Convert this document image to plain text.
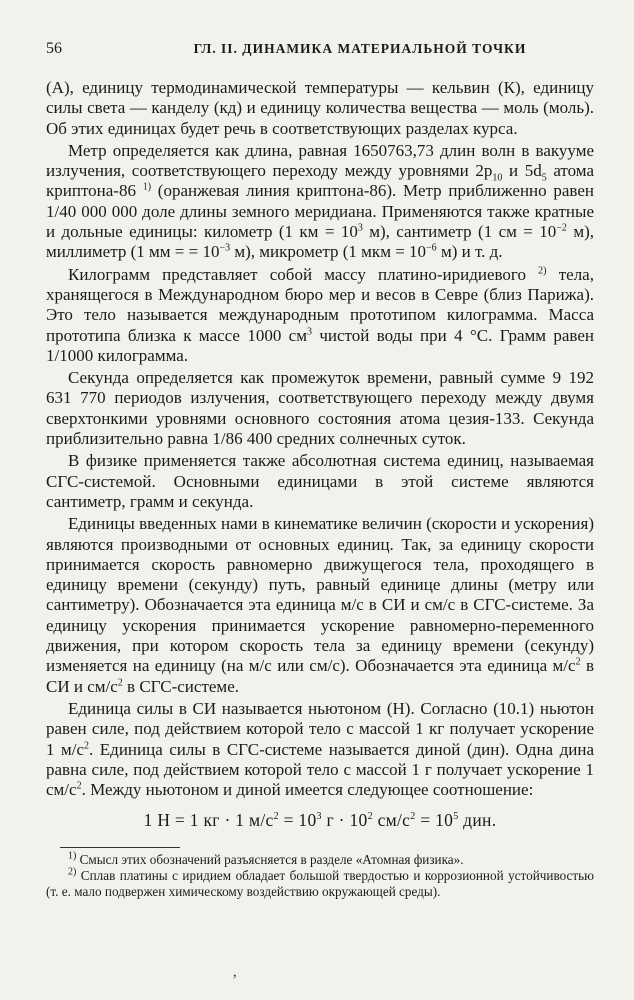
56	ГЛ. II. ДИНАМИКА МАТЕРИАЛЬНОЙ ТОЧКИ

(А), единицу термодинамической температуры — кельвин (К), единицу силы света — канделу (кд) и единицу количества вещества — моль (моль). Об этих единицах будет речь в соответствующих разделах курса.

Метр определяется как длина, равная 1650763,73 длин волн в вакууме излучения, соответствующего переходу между уровнями $2p_{10}$ и $5d_5$ атома криптона-86 $^{1)}$ (оранжевая линия криптона-86). Метр приближенно равен 1/40 000 000 доле длины земного меридиана. Применяются также кратные и дольные единицы: километр (1 км = $10^3$ м), сантиметр (1 см = $10^{-2}$ м), миллиметр (1 мм = = $10^{-3}$ м), микрометр (1 мкм = $10^{-6}$ м) и т. д.

Килограмм представляет собой массу платино-иридиевого $^{2)}$ тела, хранящегося в Международном бюро мер и весов в Севре (близ Парижа). Это тело называется международным прототипом килограмма. Масса прототипа близка к массе 1000 $см^3$ чистой воды при 4 °С. Грамм равен 1/1000 килограмма.

Секунда определяется как промежуток времени, равный сумме 9 192 631 770 периодов излучения, соответствующего переходу между двумя сверхтонкими уровнями основного состояния атома цезия-133. Секунда приблизительно равна 1/86 400 средних солнечных суток.

В физике применяется также абсолютная система единиц, называемая СГС-системой. Основными единицами в этой системе являются сантиметр, грамм и секунда.

Единицы введенных нами в кинематике величин (скорости и ускорения) являются производными от основных единиц. Так, за единицу скорости принимается скорость равномерно движущегося тела, проходящего в единицу времени (секунду) путь, равный единице длины (метру или сантиметру). Обозначается эта единица м/с в СИ и см/с в СГС-системе. За единицу ускорения принимается ускорение равномерно-переменного движения, при котором скорость тела за единицу времени (секунду) изменяется на единицу (на м/с или см/с). Обозначается эта единица $м/с^2$ в СИ и $см/с^2$ в СГС-системе.

Единица силы в СИ называется ньютоном (Н). Согласно (10.1) ньютон равен силе, под действием которой тело с массой 1 кг получает ускорение 1 $м/с^2$. Единица силы в СГС-системе называется диной (дин). Одна дина равна силе, под действием которой тело с массой 1 г получает ускорение 1 $см/с^2$. Между ньютоном и диной имеется следующее соотношение:

1 Н = 1 кг · 1 $м/с^2 = 10^3$ $г \cdot 10^2$ $см/с^2 = 10^5$ дин.

$^{1)}$ Смысл этих обозначений разъясняется в разделе «Атомная физика».

$^{2)}$ Сплав платины с иридием обладает большой твердостью и коррозионной устойчивостью (т. е. мало подвержен химическому воздействию окружающей среды).

ʼ
